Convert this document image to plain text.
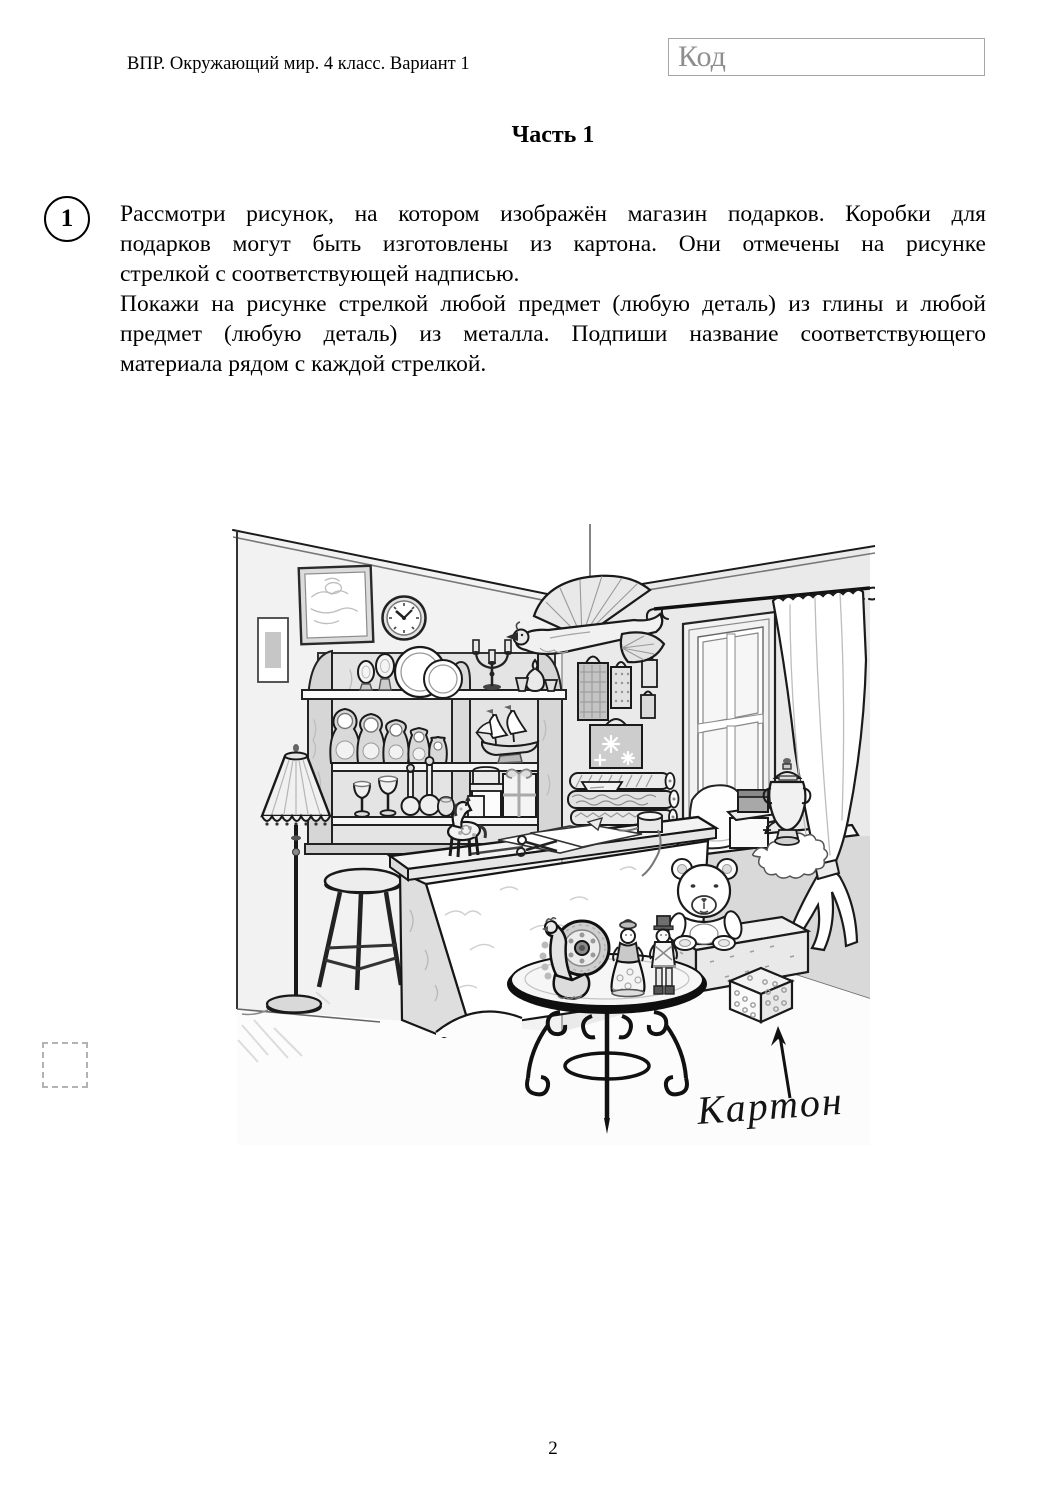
ВПР. Окружающий мир. 4 класс. Вариант 1	Код
Часть 1
1 Рассмотри рисунок, на котором изображён магазин подарков. Коробки для
подарков могут быть изготовлены из картона. Они отмечены на рисунке
стрелкой с соответствующей надписью.
Покажи на рисунке стрелкой любой предмет (любую деталь) из глины и любой
предмет (любую деталь) из металла. Подпиши название соответствующего
материала рядом с каждой стрелкой.
Картон
2
